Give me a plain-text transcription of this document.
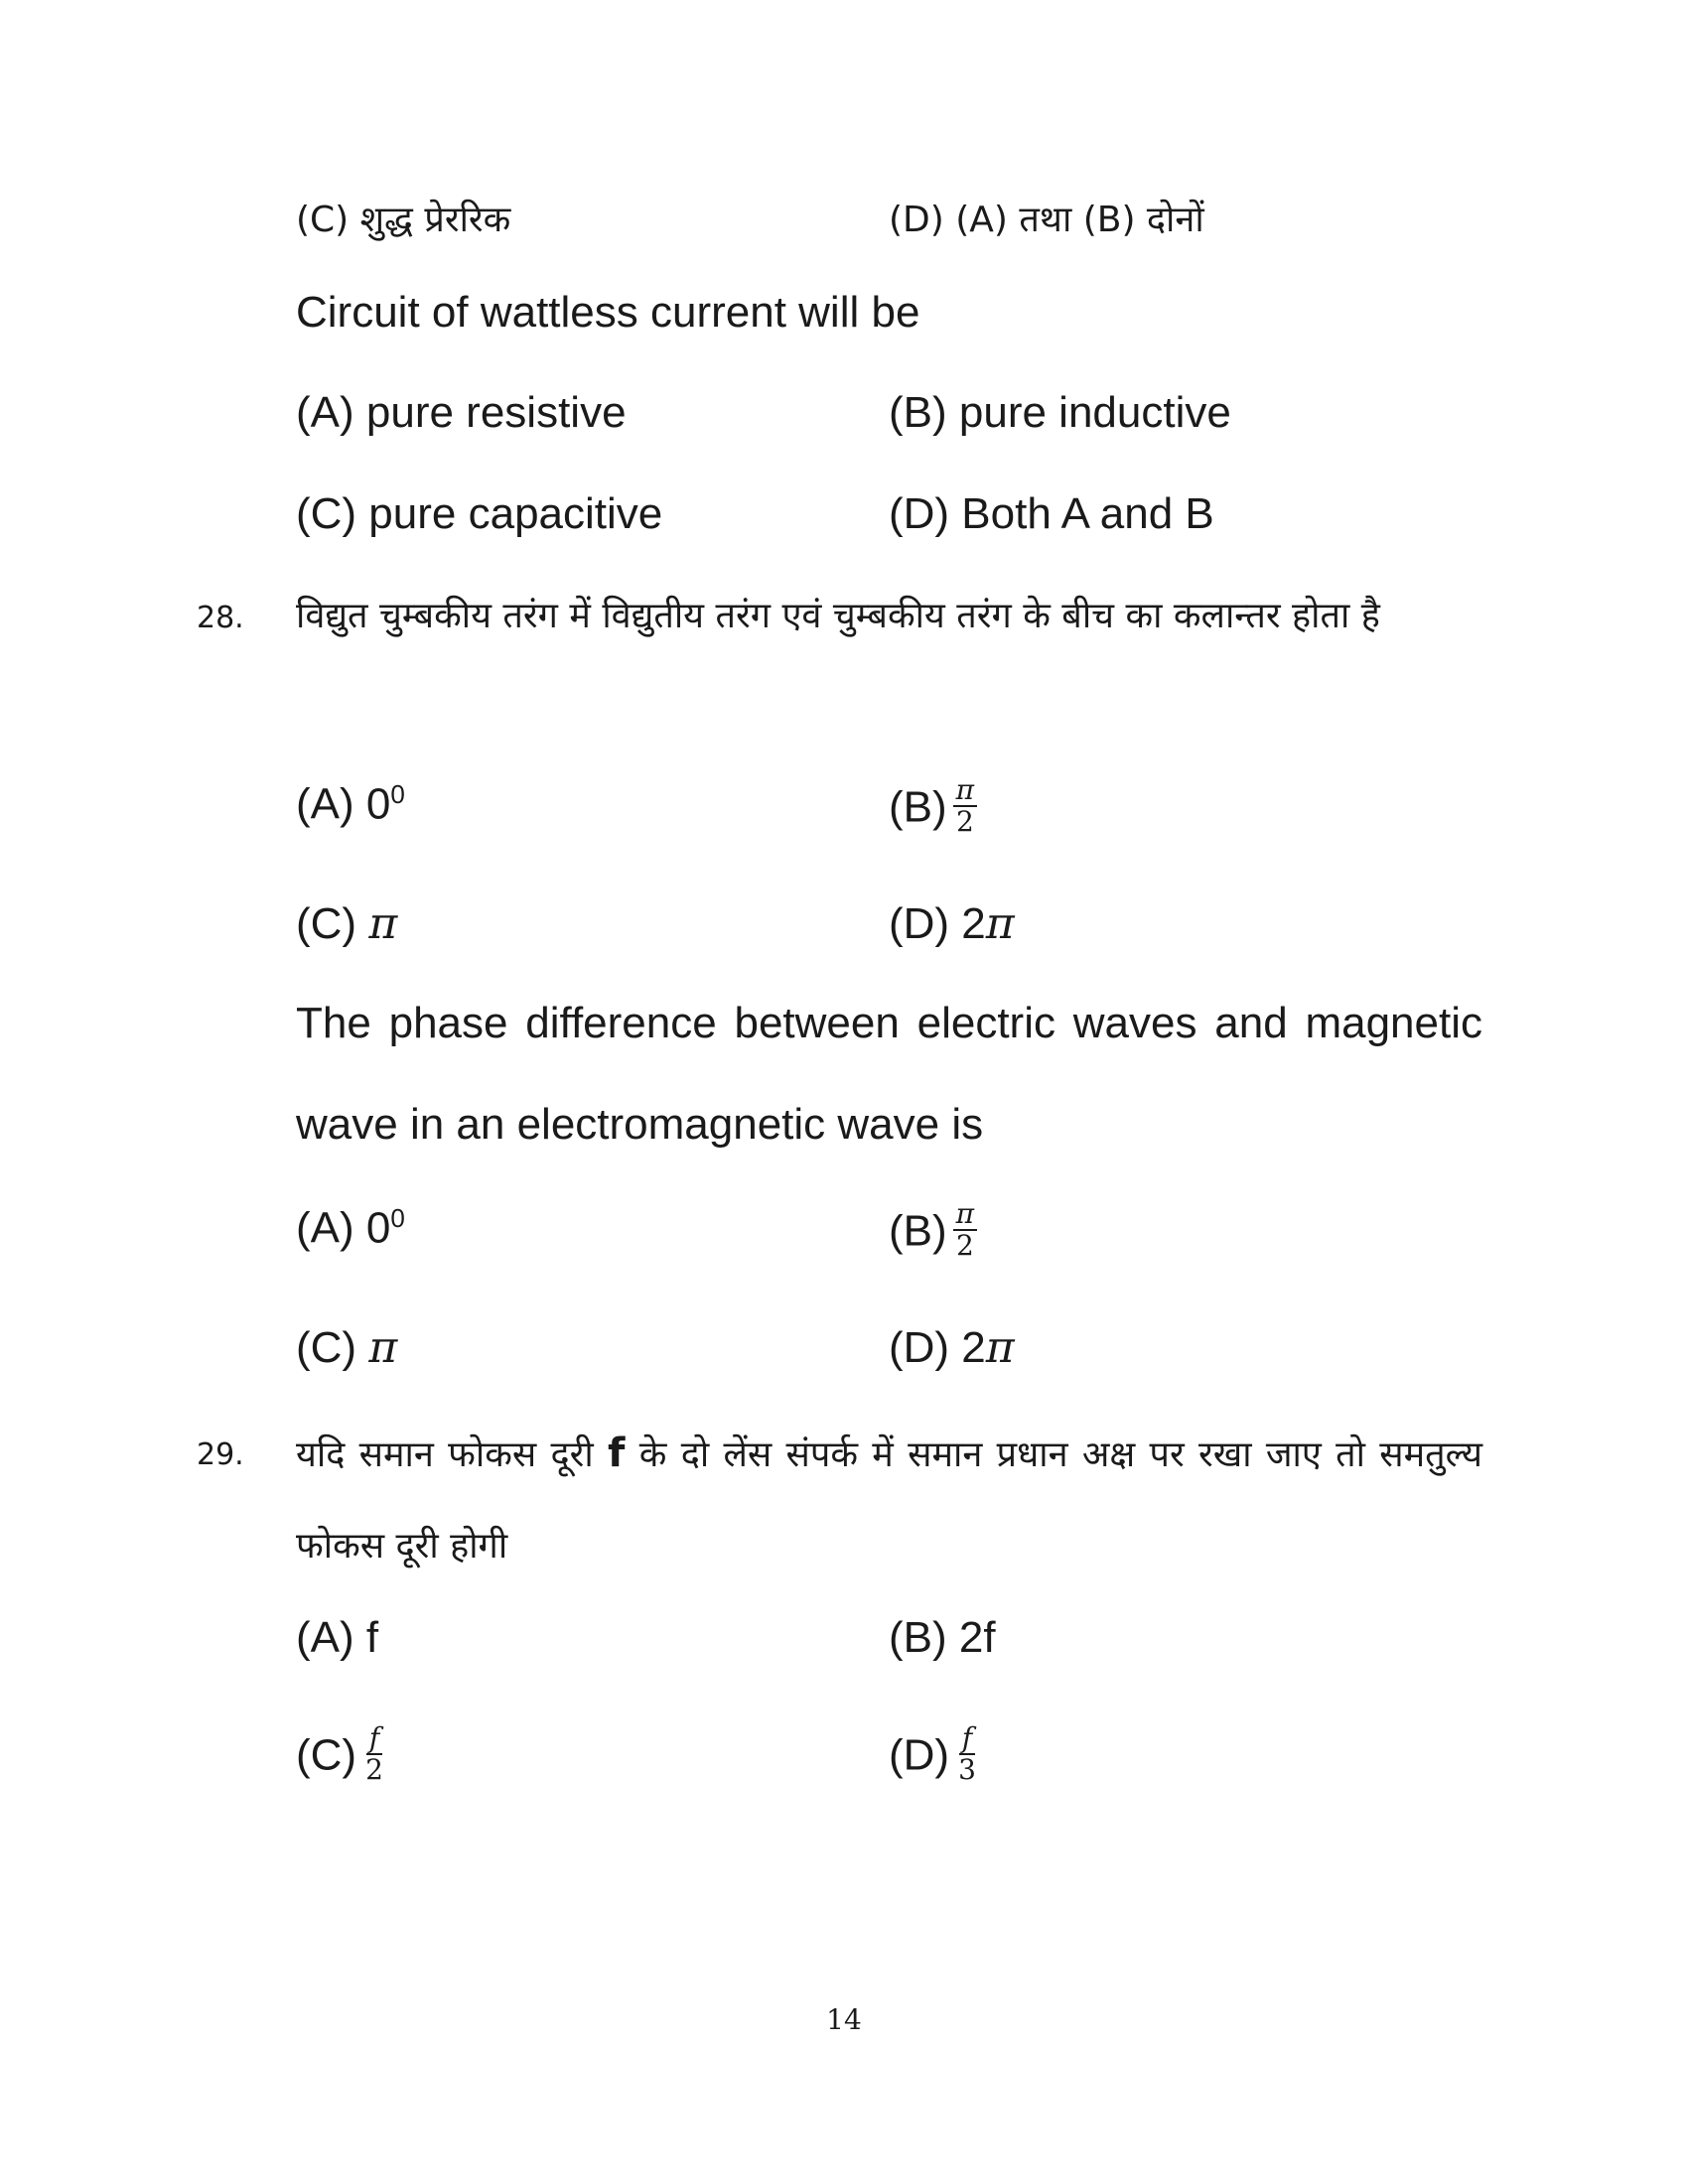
(C) शुद्ध प्रेररिक	(D) (A) तथा (B) दोनों
Circuit of wattless current will be
(A) pure resistive	(B) pure inductive
(C) pure capacitive	(D) Both A and B
28. विद्युत चुम्बकीय तरंग में विद्युतीय तरंग एवं चुम्बकीय तरंग के बीच का कलान्तर होता है
(A) $0^0$	$(B) \frac{\pi}{2}$
(C) π	(D) 2π
The phase difference between electric waves and magnetic wave in an electromagnetic wave is
(A) $0^0$	$(B) \frac{\pi}{2}$
(C) π	(D) 2π
29. यदि समान फोकस दूरी f के दो लेंस संपर्क में समान प्रधान अक्ष पर रखा जाए तो समतुल्य फोकस दूरी होगी
(A) f	(B) 2f
$(C) \frac{f}{2}$	$(D) \frac{f}{3}$
14
